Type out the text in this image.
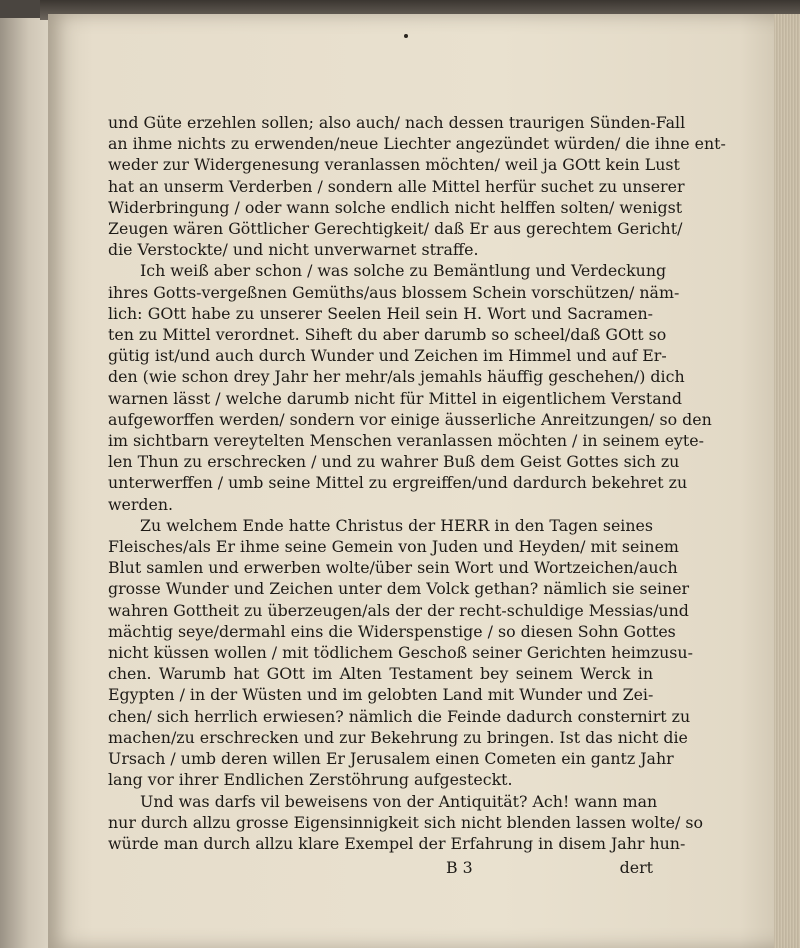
und Güte erzehlen sollen; also auch/ nach dessen traurigen Sünden-Fall
an ihme nichts zu erwenden/neue Liechter angezündet würden/ die ihne ent-
weder zur Widergenesung veranlassen möchten/ weil ja GOtt kein Lust
hat an unserm Verderben / sondern alle Mittel herfür suchet zu unserer
Widerbringung / oder wann solche endlich nicht helffen solten/ wenigst
Zeugen wären Göttlicher Gerechtigkeit/ daß Er aus gerechtem Gericht/
die Verstockte/ und nicht unverwarnet straffe.
Ich weiß aber schon / was solche zu Bemäntlung und Verdeckung
ihres Gotts-vergeßnen Gemüths/aus blossem Schein vorschützen/ näm-
lich: GOtt habe zu unserer Seelen Heil sein H. Wort und Sacramen-
ten zu Mittel verordnet. Siheft du aber darumb so scheel/daß GOtt so
gütig ist/und auch durch Wunder und Zeichen im Himmel und auf Er-
den (wie schon drey Jahr her mehr/als jemahls häuffig geschehen/) dich
warnen lässt / welche darumb nicht für Mittel in eigentlichem Verstand
aufgeworffen werden/ sondern vor einige äusserliche Anreitzungen/ so den
im sichtbarn vereytelten Menschen veranlassen möchten / in seinem eyte-
len Thun zu erschrecken / und zu wahrer Buß dem Geist Gottes sich zu
unterwerffen / umb seine Mittel zu ergreiffen/und dardurch bekehret zu
werden.
Zu welchem Ende hatte Christus der HERR in den Tagen seines
Fleisches/als Er ihme seine Gemein von Juden und Heyden/ mit seinem
Blut samlen und erwerben wolte/über sein Wort und Wortzeichen/auch
grosse Wunder und Zeichen unter dem Volck gethan? nämlich sie seiner
wahren Gottheit zu überzeugen/als der der recht-schuldige Messias/und
mächtig seye/dermahl eins die Widerspenstige / so diesen Sohn Gottes
nicht küssen wollen / mit tödlichem Geschoß seiner Gerichten heimzusu-
chen. Warumb hat GOtt im Alten Testament bey seinem Werck in
Egypten / in der Wüsten und im gelobten Land mit Wunder und Zei-
chen/ sich herrlich erwiesen? nämlich die Feinde dadurch consternirt zu
machen/zu erschrecken und zur Bekehrung zu bringen. Ist das nicht die
Ursach / umb deren willen Er Jerusalem einen Cometen ein gantz Jahr
lang vor ihrer Endlichen Zerstöhrung aufgesteckt.
Und was darfs vil beweisens von der Antiquität? Ach! wann man
nur durch allzu grosse Eigensinnigkeit sich nicht blenden lassen wolte/ so
würde man durch allzu klare Exempel der Erfahrung in disem Jahr hun-
B 3	dert
